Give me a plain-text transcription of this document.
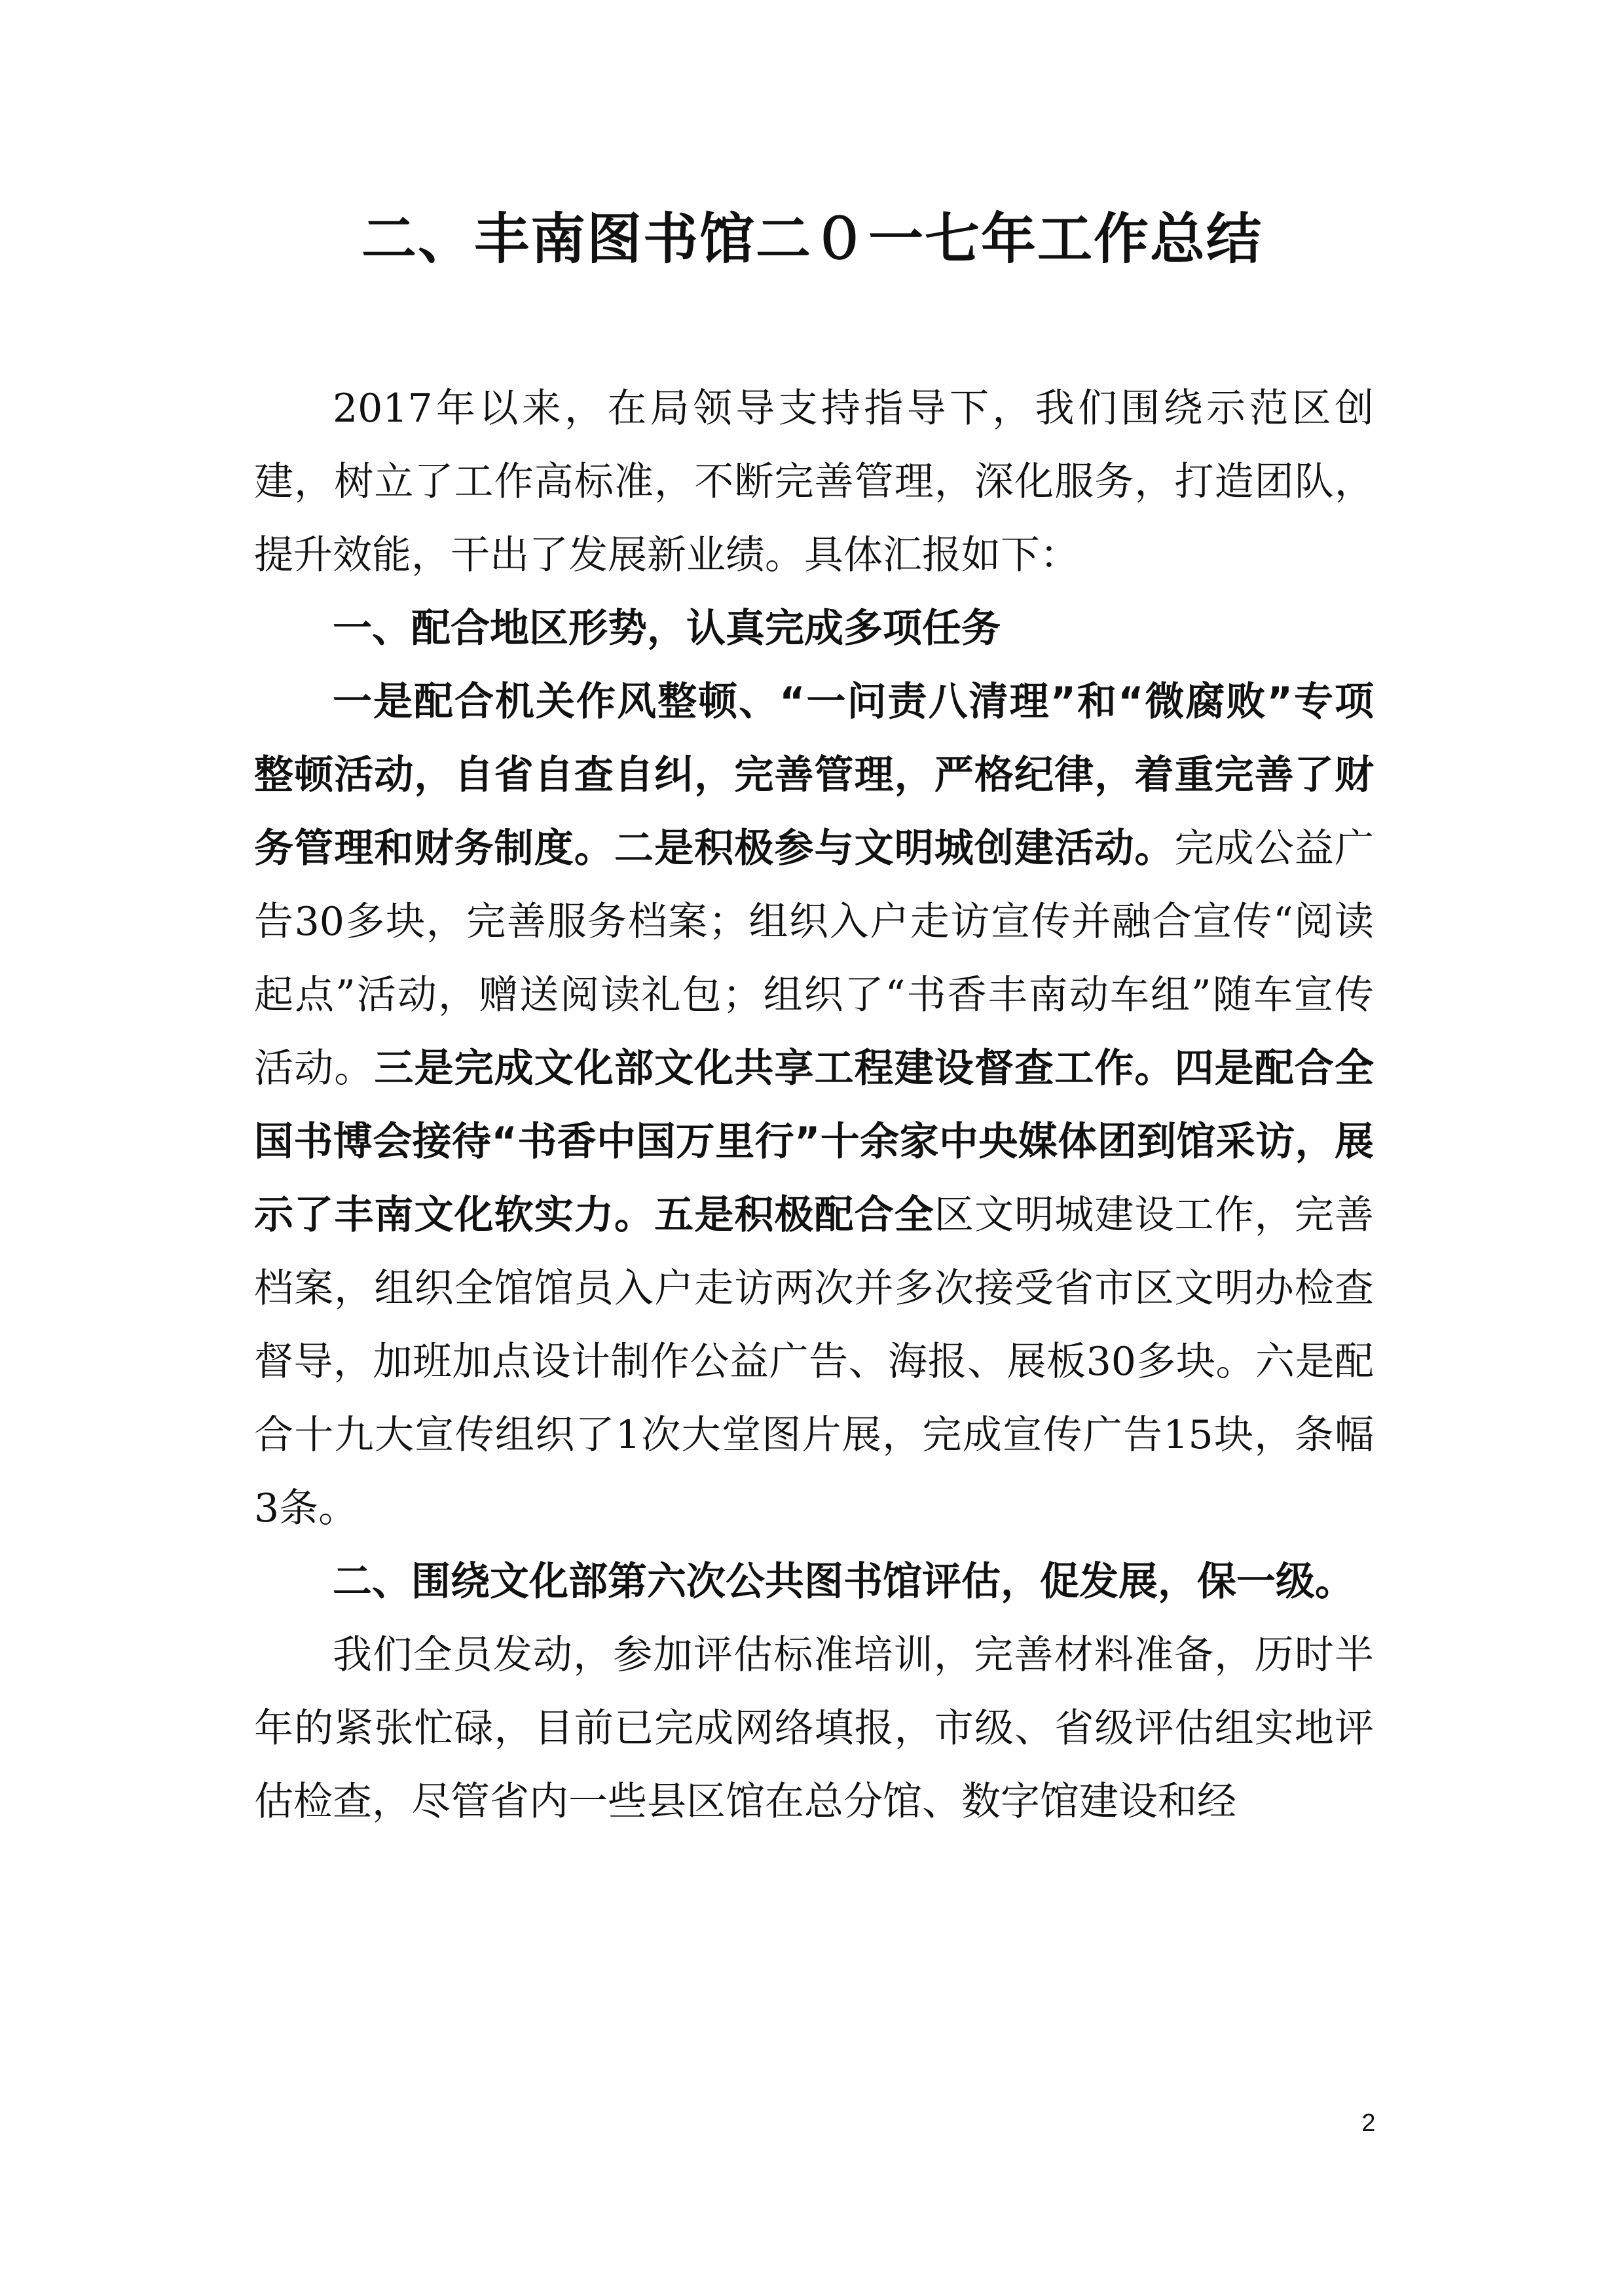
二、丰南图书馆二０一七年工作总结

2017年以来，在局领导支持指导下，我们围绕示范区创建，树立了工作高标准，不断完善管理，深化服务，打造团队，提升效能，干出了发展新业绩。具体汇报如下：

一、配合地区形势，认真完成多项任务

一是配合机关作风整顿、“一问责八清理”和“微腐败”专项整顿活动，自省自查自纠，完善管理，严格纪律，着重完善了财务管理和财务制度。二是积极参与文明城创建活动。完成公益广告30多块，完善服务档案；组织入户走访宣传并融合宣传“阅读起点”活动，赠送阅读礼包；组织了“书香丰南动车组”随车宣传活动。三是完成文化部文化共享工程建设督查工作。四是配合全国书博会接待“书香中国万里行”十余家中央媒体团到馆采访，展示了丰南文化软实力。五是积极配合全区文明城建设工作，完善档案，组织全馆馆员入户走访两次并多次接受省市区文明办检查督导，加班加点设计制作公益广告、海报、展板30多块。六是配合十九大宣传组织了1次大堂图片展，完成宣传广告15块，条幅3条。

二、围绕文化部第六次公共图书馆评估，促发展，保一级。

我们全员发动，参加评估标准培训，完善材料准备，历时半年的紧张忙碌，目前已完成网络填报，市级、省级评估组实地评估检查，尽管省内一些县区馆在总分馆、数字馆建设和经

2
